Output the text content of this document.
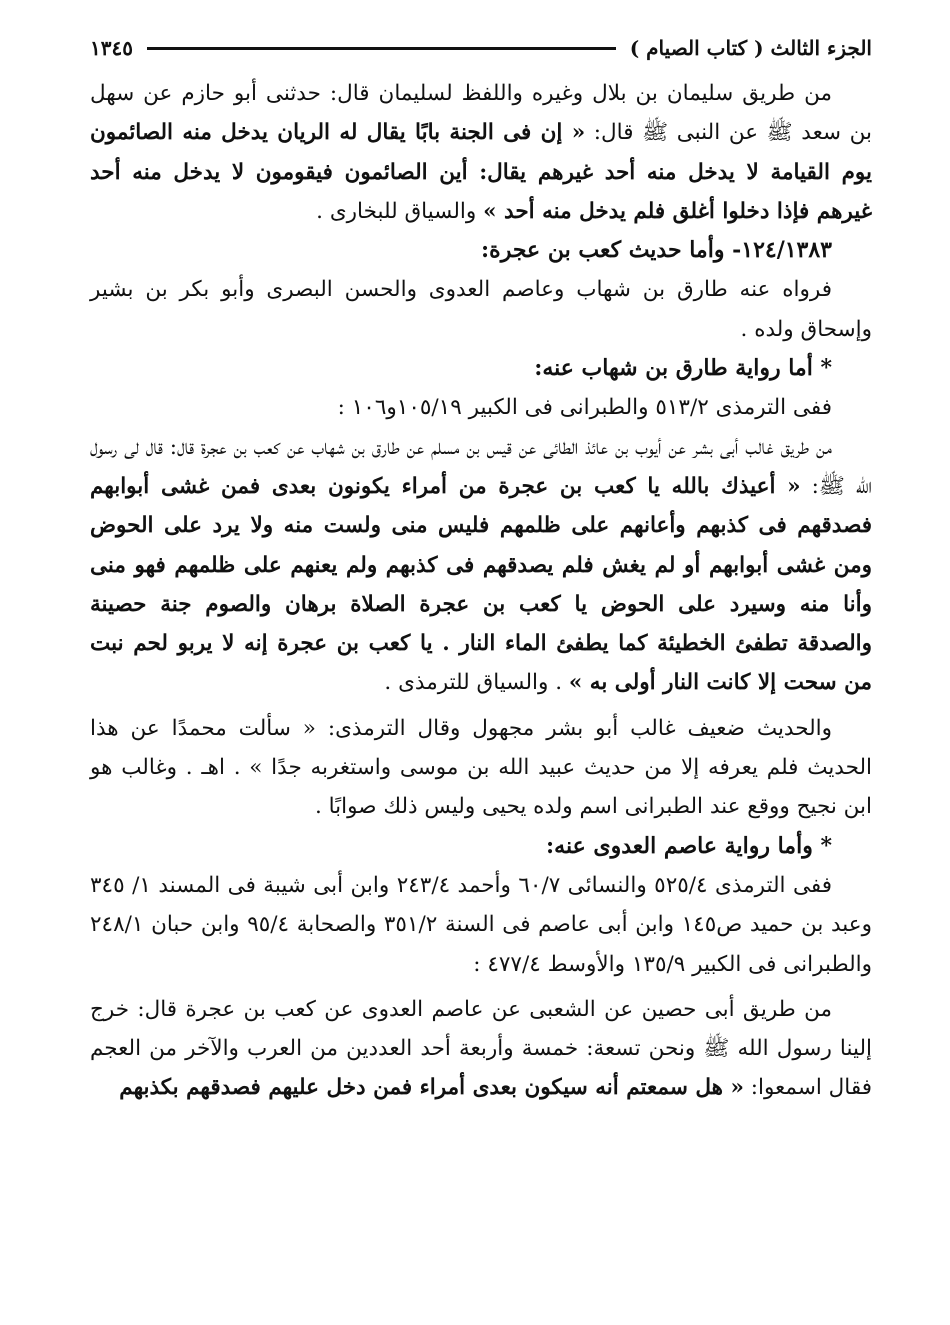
الجزء الثالث ( كتاب الصيام )
١٣٤٥

من طريق سليمان بن بلال وغيره واللفظ لسليمان قال: حدثنى أبو حازم عن سهل بن سعد ﷺ عن النبى ﷺ قال: « إن فى الجنة بابًا يقال له الريان يدخل منه الصائمون يوم القيامة لا يدخل منه أحد غيرهم يقال: أين الصائمون فيقومون لا يدخل منه أحد غيرهم فإذا دخلوا أغلق فلم يدخل منه أحد » والسياق للبخارى .

١٢٤/١٣٨٣- وأما حديث كعب بن عجرة:

فرواه عنه طارق بن شهاب وعاصم العدوى والحسن البصرى وأبو بكر بن بشير وإسحاق ولده .

* أما رواية طارق بن شهاب عنه:

ففى الترمذى ٥١٣/٢ والطبرانى فى الكبير ١٠٥/١٩و١٠٦ :

من طريق غالب أبى بشر عن أيوب بن عائذ الطائى عن قيس بن مسلم عن طارق بن شهاب عن كعب بن عجرة قال: قال لى رسول الله ﷺ: « أعيذك بالله يا كعب بن عجرة من أمراء يكونون بعدى فمن غشى أبوابهم فصدقهم فى كذبهم وأعانهم على ظلمهم فليس منى ولست منه ولا يرد على الحوض ومن غشى أبوابهم أو لم يغش فلم يصدقهم فى كذبهم ولم يعنهم على ظلمهم فهو منى وأنا منه وسيرد على الحوض يا كعب بن عجرة الصلاة برهان والصوم جنة حصينة والصدقة تطفئ الخطيئة كما يطفئ الماء النار . يا كعب بن عجرة إنه لا يربو لحم نبت من سحت إلا كانت النار أولى به » . والسياق للترمذى .

والحديث ضعيف غالب أبو بشر مجهول وقال الترمذى: « سألت محمدًا عن هذا الحديث فلم يعرفه إلا من حديث عبيد الله بن موسى واستغربه جدًا » . اهـ . وغالب هو ابن نجيح ووقع عند الطبرانى اسم ولده يحيى وليس ذلك صوابًا .

* وأما رواية عاصم العدوى عنه:

ففى الترمذى ٥٢٥/٤ والنسائى ٦٠/٧ وأحمد ٢٤٣/٤ وابن أبى شيبة فى المسند ١/ ٣٤٥ وعبد بن حميد ص١٤٥ وابن أبى عاصم فى السنة ٣٥١/٢ والصحابة ٩٥/٤ وابن حبان ٢٤٨/١ والطبرانى فى الكبير ١٣٥/٩ والأوسط ٤٧٧/٤ :

من طريق أبى حصين عن الشعبى عن عاصم العدوى عن كعب بن عجرة قال: خرج إلينا رسول الله ﷺ ونحن تسعة: خمسة وأربعة أحد العددين من العرب والآخر من العجم فقال اسمعوا: « هل سمعتم أنه سيكون بعدى أمراء فمن دخل عليهم فصدقهم بكذبهم
